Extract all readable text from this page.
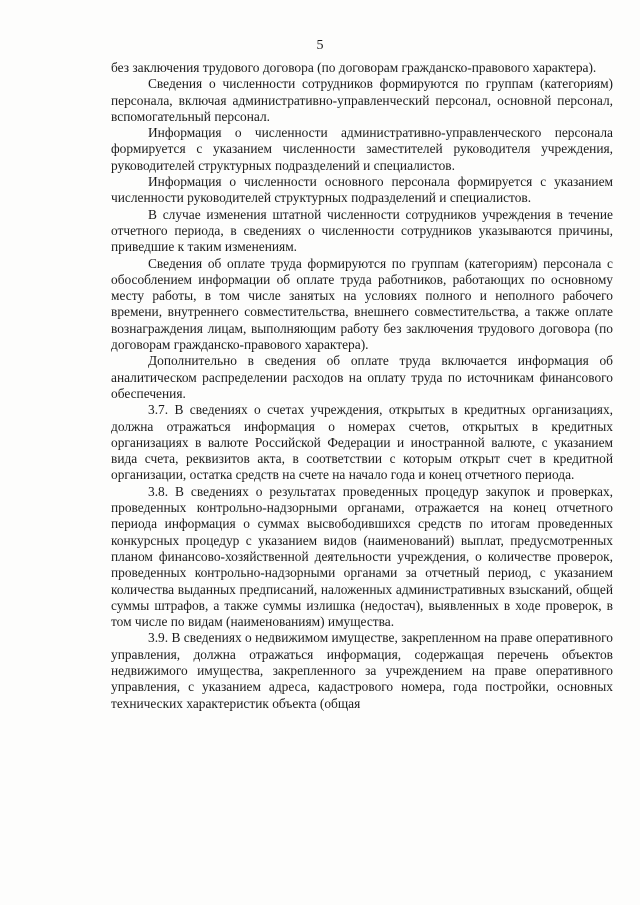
5

без заключения трудового договора (по договорам гражданско-правового характера).

Сведения о численности сотрудников формируются по группам (категориям) персонала, включая административно-управленческий персонал, основной персонал, вспомогательный персонал.

Информация о численности административно-управленческого персонала формируется с указанием численности заместителей руководителя учреждения, руководителей структурных подразделений и специалистов.

Информация о численности основного персонала формируется с указанием численности руководителей структурных подразделений и специалистов.

В случае изменения штатной численности сотрудников учреждения в течение отчетного периода, в сведениях о численности сотрудников указываются причины, приведшие к таким изменениям.

Сведения об оплате труда формируются по группам (категориям) персонала с обособлением информации об оплате труда работников, работающих по основному месту работы, в том числе занятых на условиях полного и неполного рабочего времени, внутреннего совместительства, внешнего совместительства, а также оплате вознаграждения лицам, выполняющим работу без заключения трудового договора (по договорам гражданско-правового характера).

Дополнительно в сведения об оплате труда включается информация об аналитическом распределении расходов на оплату труда по источникам финансового обеспечения.

3.7. В сведениях о счетах учреждения, открытых в кредитных организациях, должна отражаться информация о номерах счетов, открытых в кредитных организациях в валюте Российской Федерации и иностранной валюте, с указанием вида счета, реквизитов акта, в соответствии с которым открыт счет в кредитной организации, остатка средств на счете на начало года и конец отчетного периода.

3.8. В сведениях о результатах проведенных процедур закупок и проверках, проведенных контрольно-надзорными органами, отражается на конец отчетного периода информация о суммах высвободившихся средств по итогам проведенных конкурсных процедур с указанием видов (наименований) выплат, предусмотренных планом финансово-хозяйственной деятельности учреждения, о количестве проверок, проведенных контрольно-надзорными органами за отчетный период, с указанием количества выданных предписаний, наложенных административных взысканий, общей суммы штрафов, а также суммы излишка (недостач), выявленных в ходе проверок, в том числе по видам (наименованиям) имущества.

3.9. В сведениях о недвижимом имуществе, закрепленном на праве оперативного управления, должна отражаться информация, содержащая перечень объектов недвижимого имущества, закрепленного за учреждением на праве оперативного управления, с указанием адреса, кадастрового номера, года постройки, основных технических характеристик объекта (общая
